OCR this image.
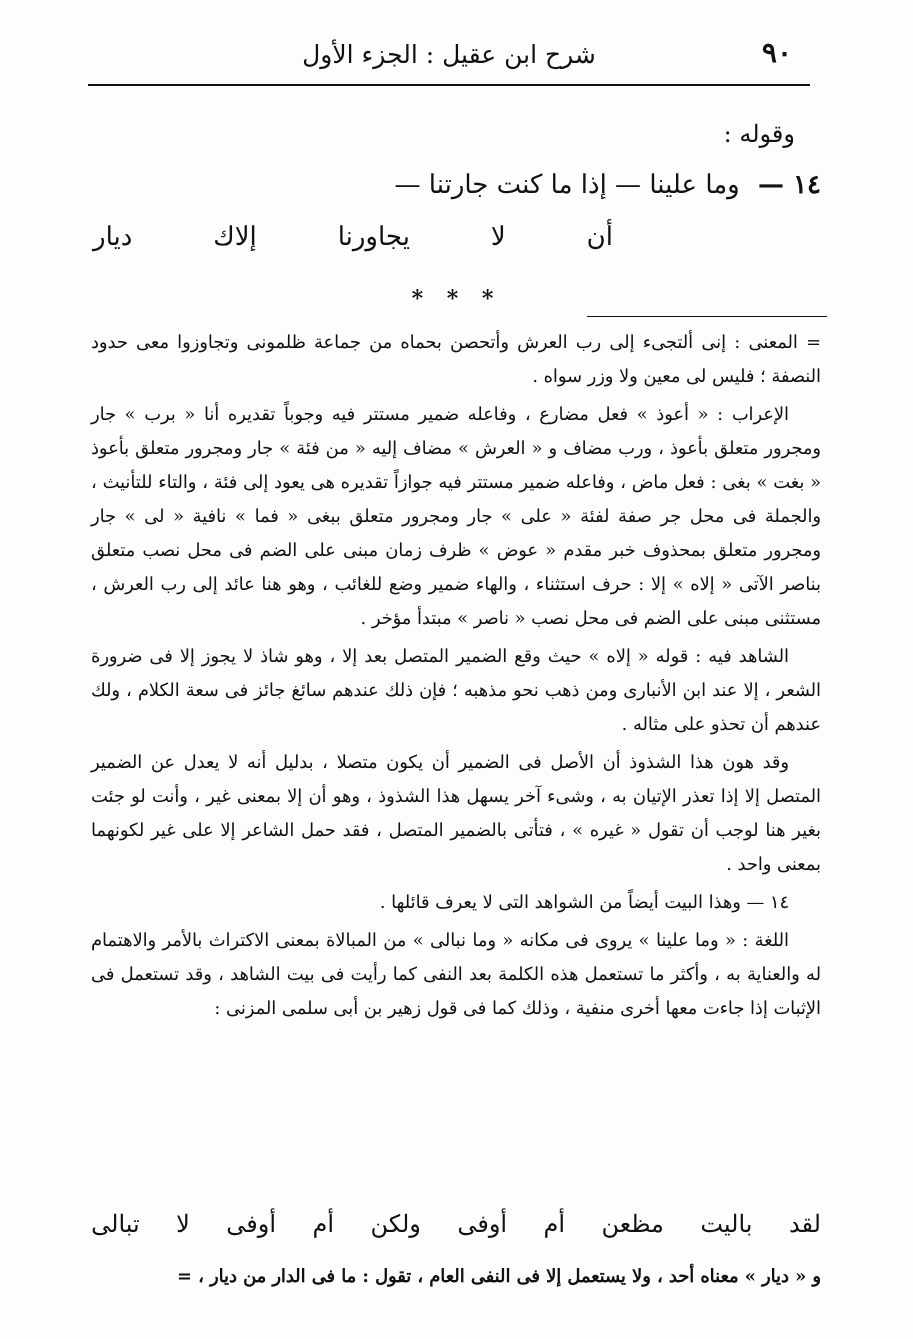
٩٠
شرح ابن عقيل : الجزء الأول
وقوله :
١٤ — وما علينا — إذا ما كنت جارتنا —
أن
لا
يجاورنا
إلاك
ديار
* * *

= المعنى : إنى ألتجىء إلى رب العرش وأتحصن بحماه من جماعة ظلمونى وتجاوزوا معى حدود النصفة ؛ فليس لى معين ولا وزر سواه .

الإعراب : « أعوذ » فعل مضارع ، وفاعله ضمير مستتر فيه وجوباً تقديره أنا « برب » جار ومجرور متعلق بأعوذ ، ورب مضاف و « العرش » مضاف إليه « من فئة » جار ومجرور متعلق بأعوذ « بغت » بغى : فعل ماض ، وفاعله ضمير مستتر فيه جوازاً تقديره هى يعود إلى فئة ، والتاء للتأنيث ، والجملة فى محل جر صفة لفئة « على » جار ومجرور متعلق ببغى « فما » نافية « لى » جار ومجرور متعلق بمحذوف خبر مقدم « عوض » ظرف زمان مبنى على الضم فى محل نصب متعلق بناصر الآتى « إلاه » إلا : حرف استثناء ، والهاء ضمير وضع للغائب ، وهو هنا عائد إلى رب العرش ، مستثنى مبنى على الضم فى محل نصب « ناصر » مبتدأ مؤخر .

الشاهد فيه : قوله « إلاه » حيث وقع الضمير المتصل بعد إلا ، وهو شاذ لا يجوز إلا فى ضرورة الشعر ، إلا عند ابن الأنبارى ومن ذهب نحو مذهبه ؛ فإن ذلك عندهم سائغ جائز فى سعة الكلام ، ولك عندهم أن تحذو على مثاله .

وقد هون هذا الشذوذ أن الأصل فى الضمير أن يكون متصلا ، بدليل أنه لا يعدل عن الضمير المتصل إلا إذا تعذر الإتيان به ، وشىء آخر يسهل هذا الشذوذ ، وهو أن إلا بمعنى غير ، وأنت لو جئت بغير هنا لوجب أن تقول « غيره » ، فتأتى بالضمير المتصل ، فقد حمل الشاعر إلا على غير لكونهما بمعنى واحد .

١٤ — وهذا البيت أيضاً من الشواهد التى لا يعرف قائلها .

اللغة : « وما علينا » يروى فى مكانه « وما نبالى » من المبالاة بمعنى الاكتراث بالأمر والاهتمام له والعناية به ، وأكثر ما تستعمل هذه الكلمة بعد النفى كما رأيت فى بيت الشاهد ، وقد تستعمل فى الإثبات إذا جاءت معها أخرى منفية ، وذلك كما فى قول زهير بن أبى سلمى المزنى :

لقد
باليت
مظعن
أم
أوفى
ولكن
أم
أوفى
لا
تبالى
و « ديار » معناه أحد ، ولا يستعمل إلا فى النفى العام ، تقول : ما فى الدار من ديار ، =
